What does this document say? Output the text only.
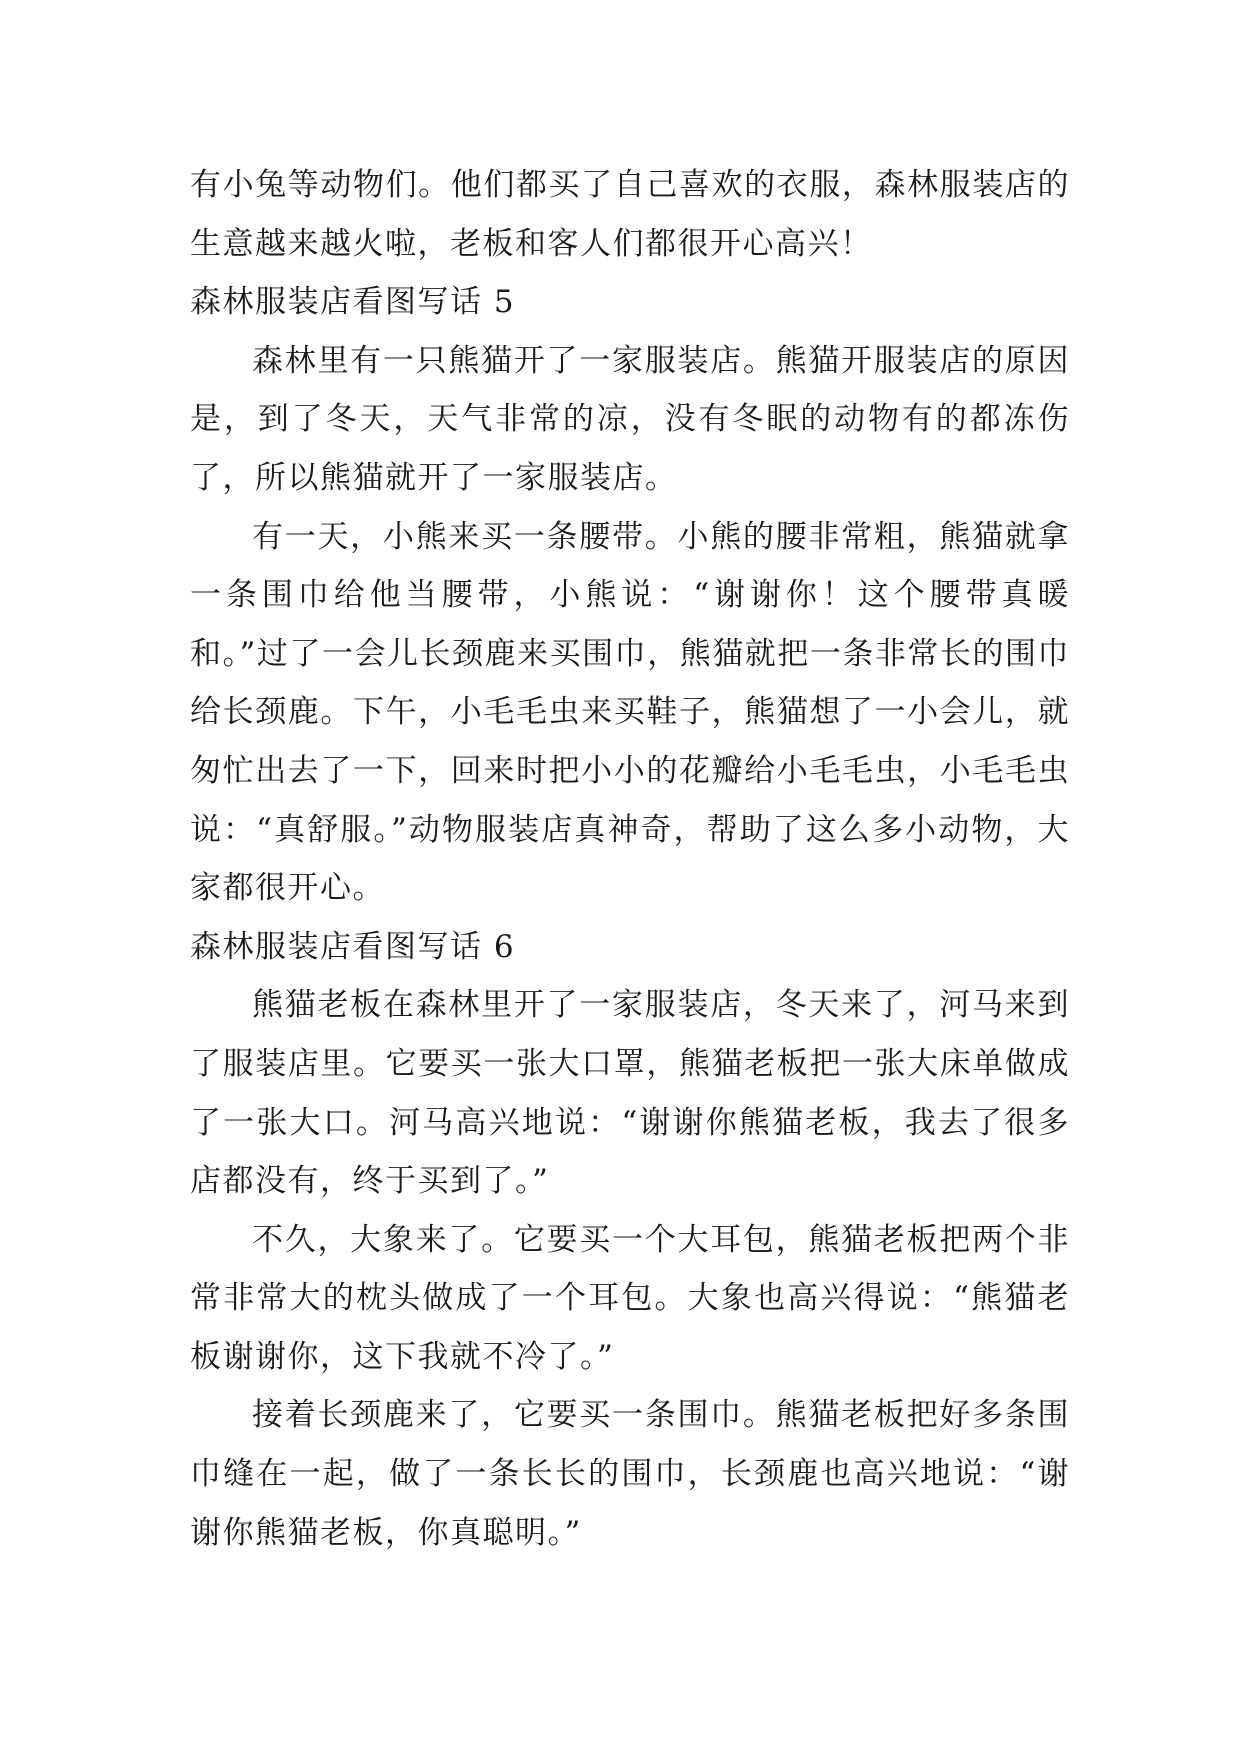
有小兔等动物们。他们都买了自己喜欢的衣服，森林服装店的生意越来越火啦，老板和客人们都很开心高兴！

森林服装店看图写话 5

森林里有一只熊猫开了一家服装店。熊猫开服装店的原因是，到了冬天，天气非常的凉，没有冬眠的动物有的都冻伤了，所以熊猫就开了一家服装店。

有一天，小熊来买一条腰带。小熊的腰非常粗，熊猫就拿一条围巾给他当腰带，小熊说：“谢谢你！这个腰带真暖和。”过了一会儿长颈鹿来买围巾，熊猫就把一条非常长的围巾给长颈鹿。下午，小毛毛虫来买鞋子，熊猫想了一小会儿，就匆忙出去了一下，回来时把小小的花瓣给小毛毛虫，小毛毛虫说：“真舒服。”动物服装店真神奇，帮助了这么多小动物，大家都很开心。

森林服装店看图写话 6

熊猫老板在森林里开了一家服装店，冬天来了，河马来到了服装店里。它要买一张大口罩，熊猫老板把一张大床单做成了一张大口。河马高兴地说：“谢谢你熊猫老板，我去了很多店都没有，终于买到了。”

不久，大象来了。它要买一个大耳包，熊猫老板把两个非常非常大的枕头做成了一个耳包。大象也高兴得说：“熊猫老板谢谢你，这下我就不冷了。”

接着长颈鹿来了，它要买一条围巾。熊猫老板把好多条围巾缝在一起，做了一条长长的围巾，长颈鹿也高兴地说：“谢谢你熊猫老板，你真聪明。”
